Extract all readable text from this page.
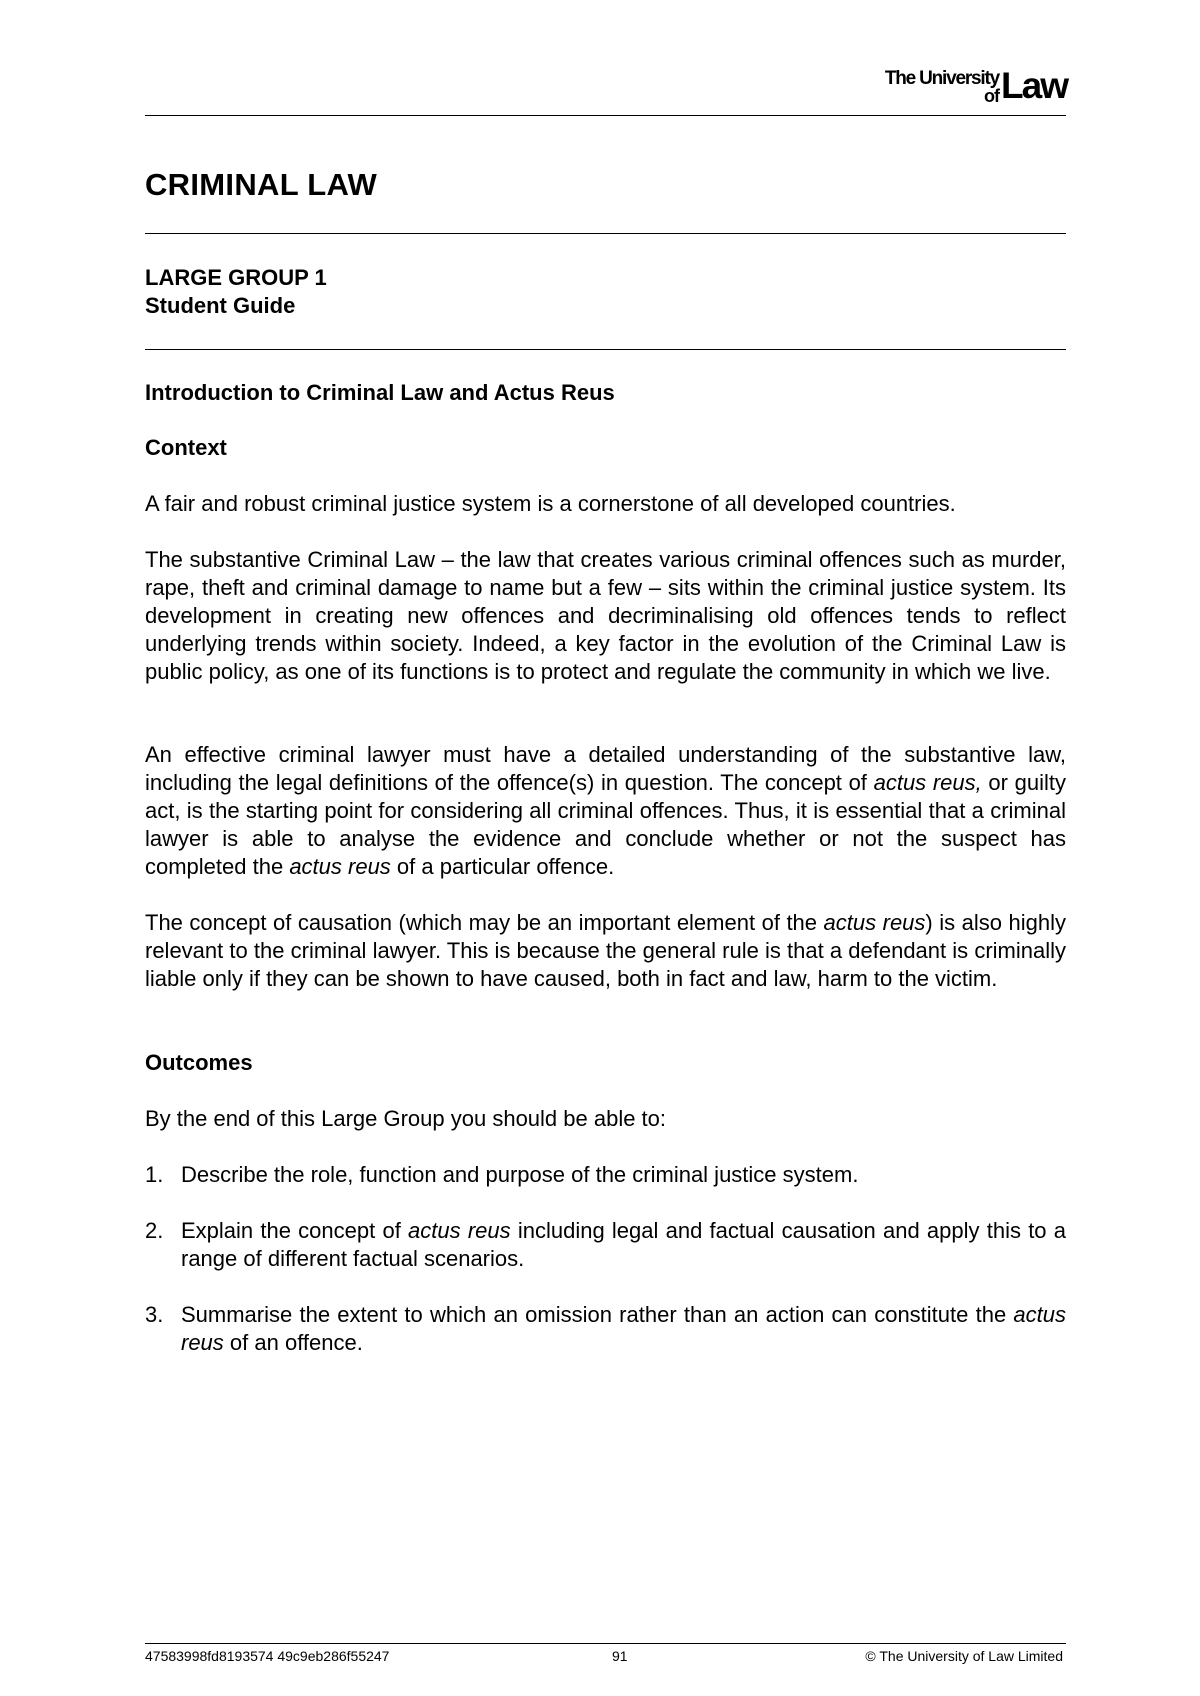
The University
of Law
CRIMINAL LAW
LARGE GROUP 1
Student Guide
Introduction to Criminal Law and Actus Reus
Context

A fair and robust criminal justice system is a cornerstone of all developed countries.

The substantive Criminal Law – the law that creates various criminal offences such as murder, rape, theft and criminal damage to name but a few – sits within the criminal justice system. Its development in creating new offences and decriminalising old offences tends to reflect underlying trends within society. Indeed, a key factor in the evolution of the Criminal Law is public policy, as one of its functions is to protect and regulate the community in which we live.

An effective criminal lawyer must have a detailed understanding of the substantive law, including the legal definitions of the offence(s) in question. The concept of actus reus, or guilty act, is the starting point for considering all criminal offences. Thus, it is essential that a criminal lawyer is able to analyse the evidence and conclude whether or not the suspect has completed the actus reus of a particular offence.

The concept of causation (which may be an important element of the actus reus) is also highly relevant to the criminal lawyer. This is because the general rule is that a defendant is criminally liable only if they can be shown to have caused, both in fact and law, harm to the victim.

Outcomes

By the end of this Large Group you should be able to:

1. Describe the role, function and purpose of the criminal justice system.
2. Explain the concept of actus reus including legal and factual causation and apply this to a range of different factual scenarios.
3. Summarise the extent to which an omission rather than an action can constitute the actus reus of an offence.
47583998fd8193574 49c9eb286f55247	91	© The University of Law Limited
